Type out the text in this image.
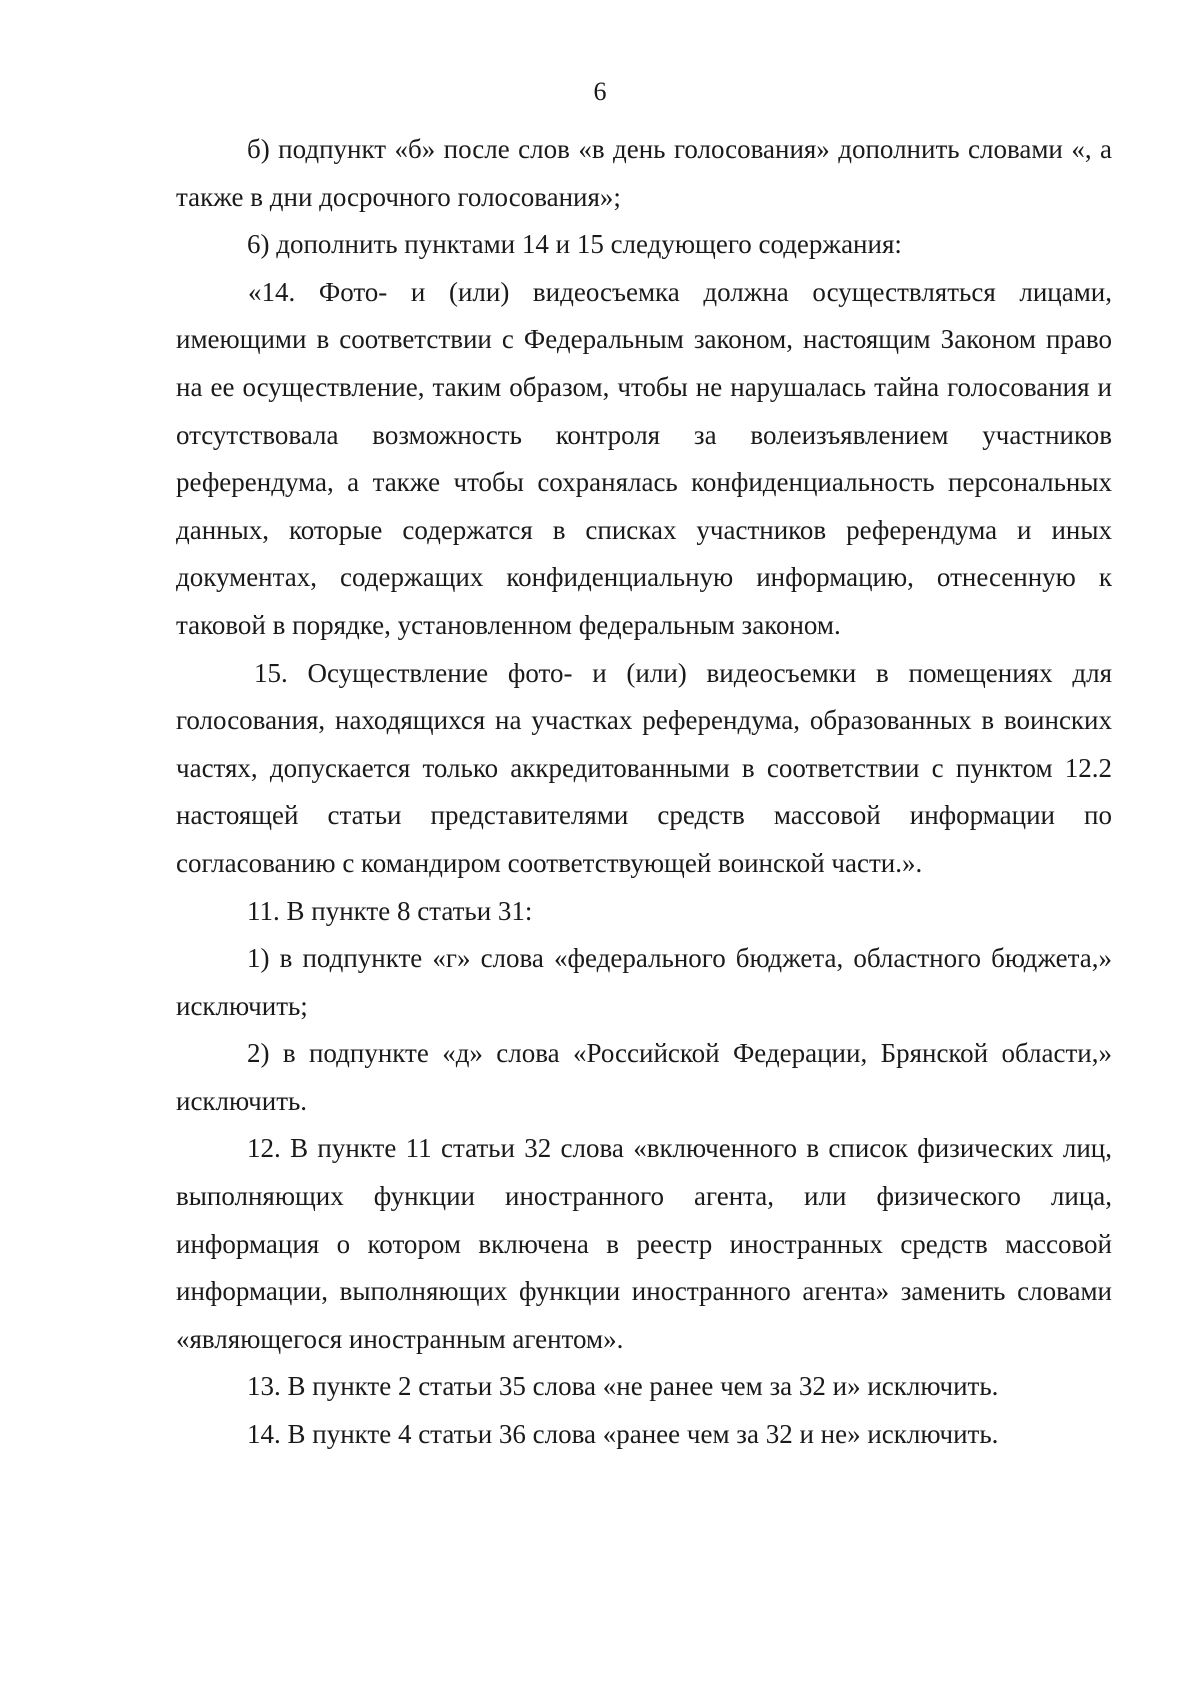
6

б) подпункт «б» после слов «в день голосования» дополнить словами «, а также в дни досрочного голосования»;

6) дополнить пунктами 14 и 15 следующего содержания:

«14. Фото- и (или) видеосъемка должна осуществляться лицами, имеющими в соответствии с Федеральным законом, настоящим Законом право на ее осуществление, таким образом, чтобы не нарушалась тайна голосования и отсутствовала возможность контроля за волеизъявлением участников референдума, а также чтобы сохранялась конфиденциальность персональных данных, которые содержатся в списках участников референдума и иных документах, содержащих конфиденциальную информацию, отнесенную к таковой в порядке, установленном федеральным законом.

15. Осуществление фото- и (или) видеосъемки в помещениях для голосования, находящихся на участках референдума, образованных в воинских частях, допускается только аккредитованными в соответствии с пунктом 12.2 настоящей статьи представителями средств массовой информации по согласованию с командиром соответствующей воинской части.».

11. В пункте 8 статьи 31:

1) в подпункте «г» слова «федерального бюджета, областного бюджета,» исключить;

2) в подпункте «д» слова «Российской Федерации, Брянской области,» исключить.

12. В пункте 11 статьи 32 слова «включенного в список физических лиц, выполняющих функции иностранного агента, или физического лица, информация о котором включена в реестр иностранных средств массовой информации, выполняющих функции иностранного агента» заменить словами «являющегося иностранным агентом».

13. В пункте 2 статьи 35 слова «не ранее чем за 32 и» исключить.

14. В пункте 4 статьи 36 слова «ранее чем за 32 и не» исключить.
